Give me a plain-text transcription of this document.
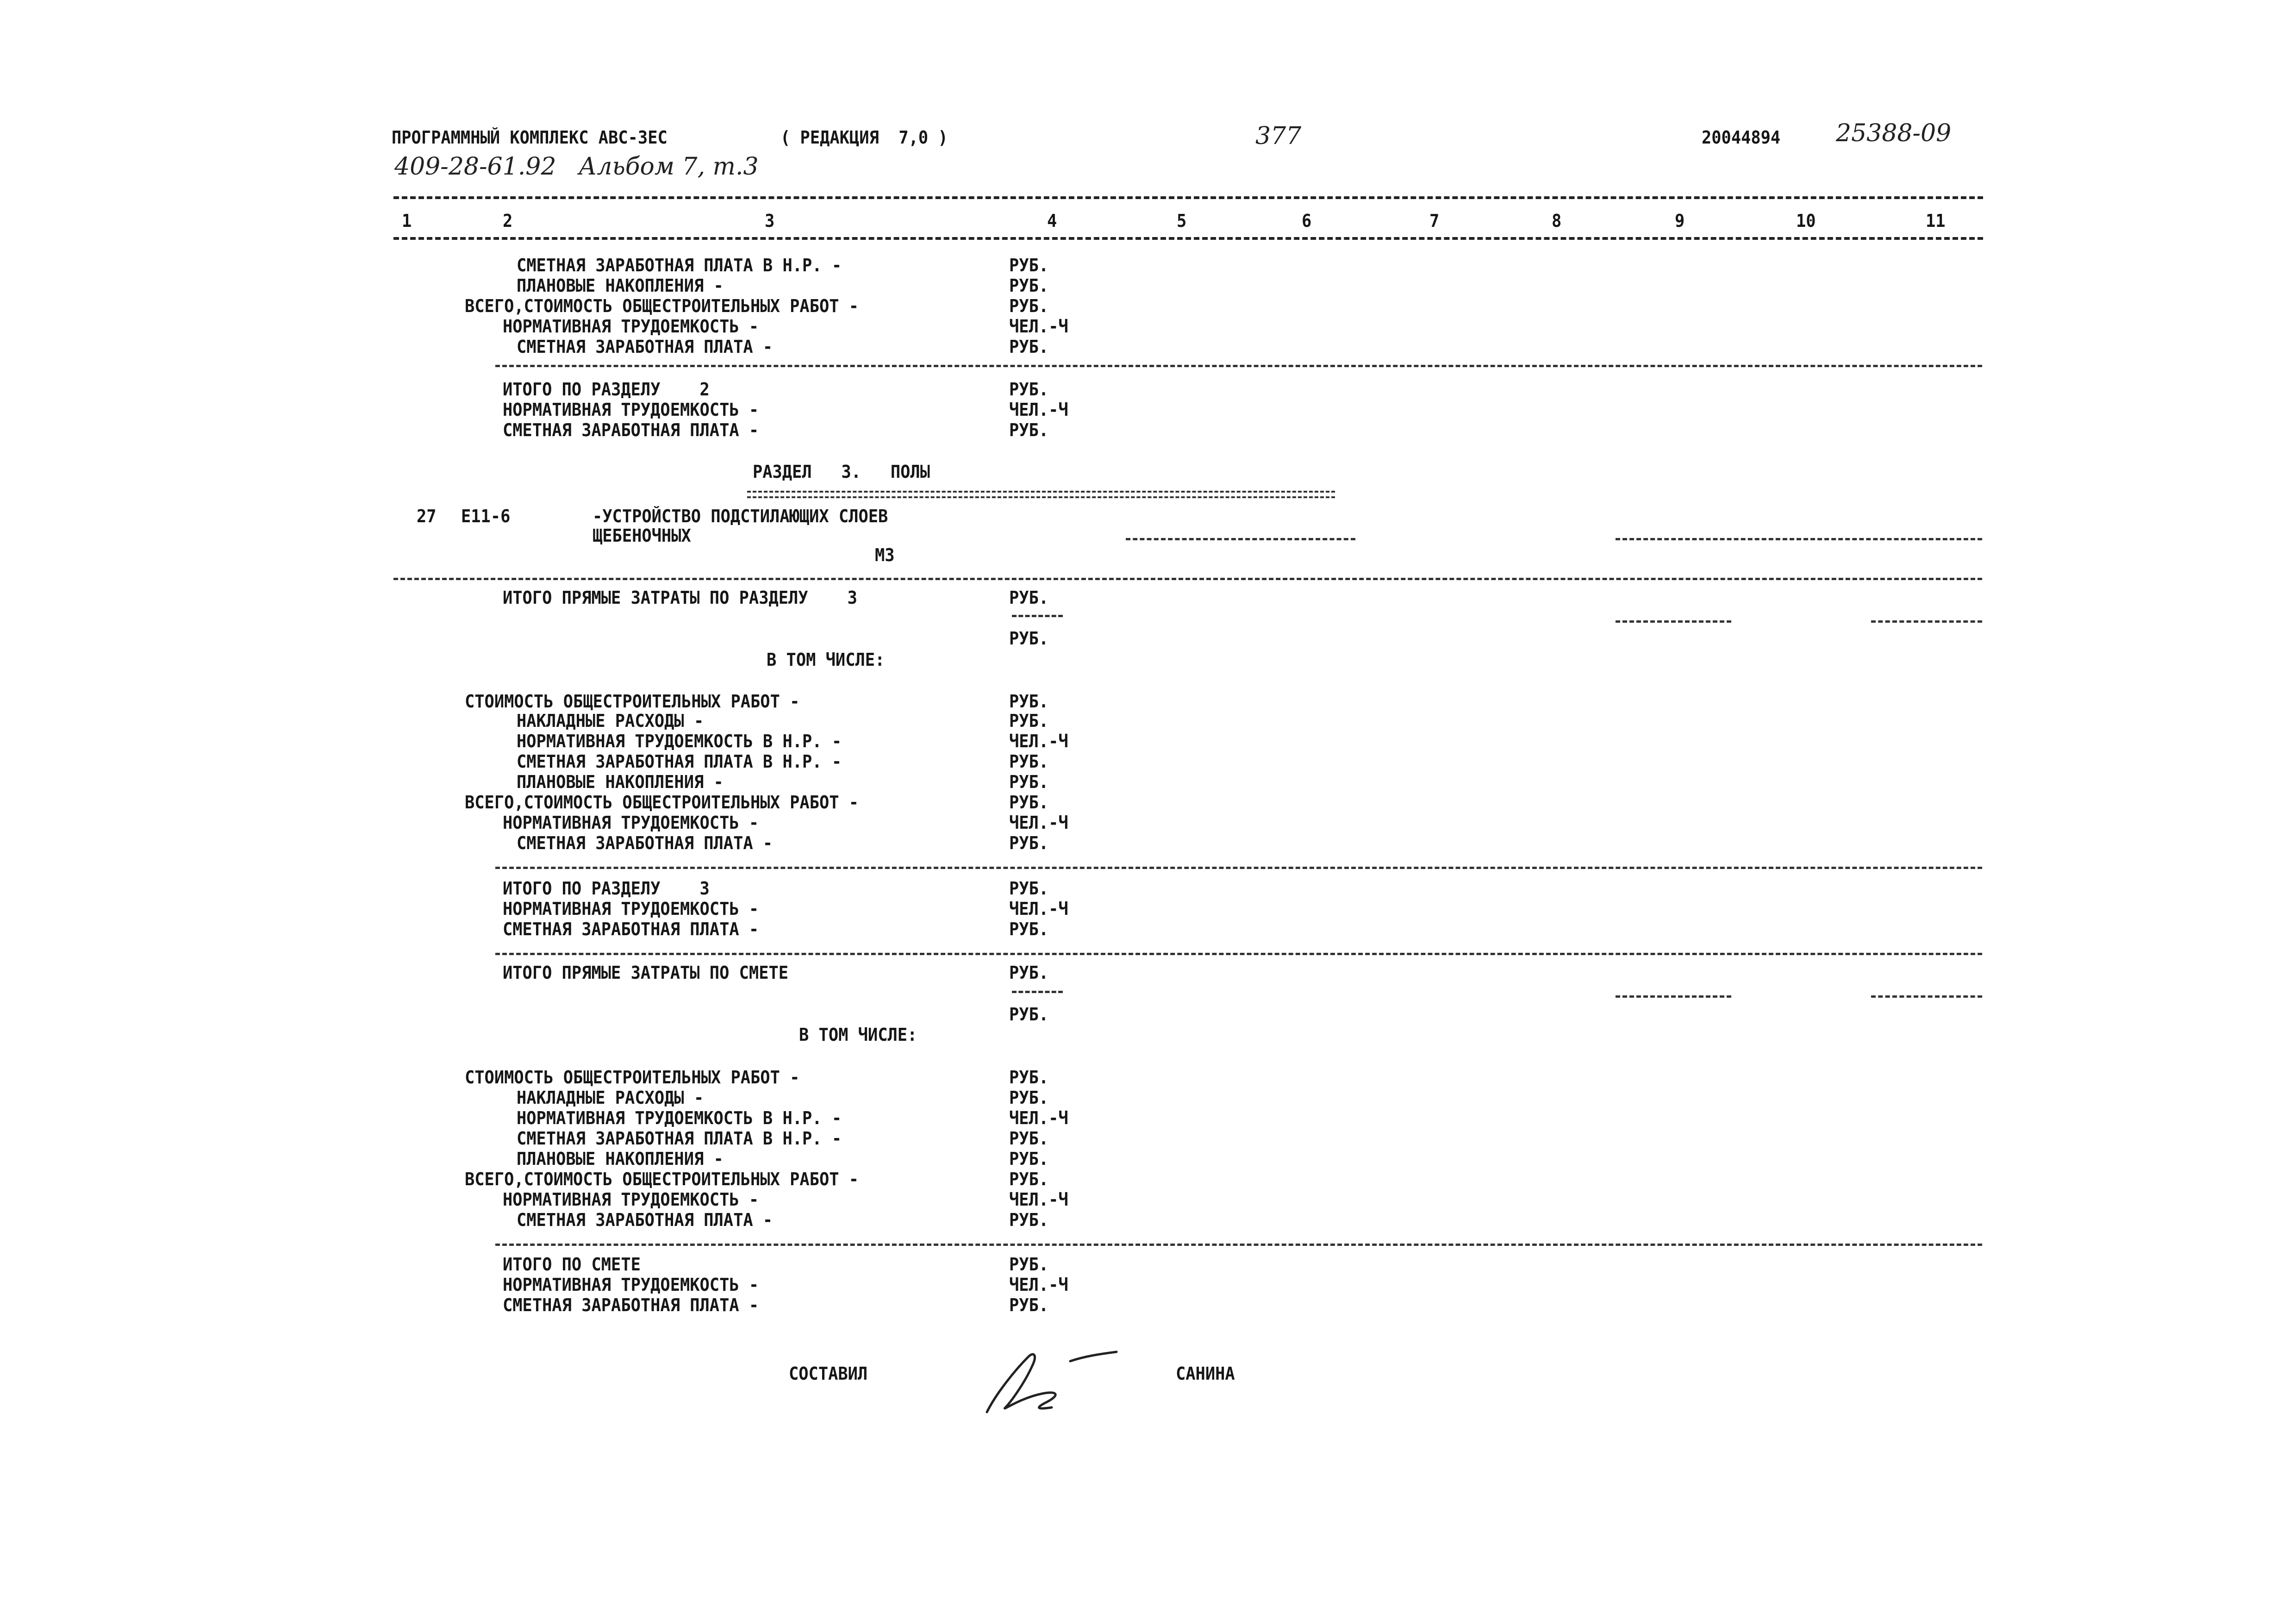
ПРОГРАММНЫЙ КОМПЛЕКС АВС-3ЕС	( РЕДАКЦИЯ  7,0 )	377	20044894 25388-09
409-28-61.92 Альбом 7, т.3
1	2	3	4	5	6	7	8	9	10	11
СМЕТНАЯ ЗАРАБОТНАЯ ПЛАТА В Н.Р. -	РУБ.
ПЛАНОВЫЕ НАКОПЛЕНИЯ -	РУБ.
ВСЕГО,СТОИМОСТЬ ОБЩЕСТРОИТЕЛЬНЫХ РАБОТ -	РУБ.
НОРМАТИВНАЯ ТРУДОЕМКОСТЬ -	ЧЕЛ.-Ч
СМЕТНАЯ ЗАРАБОТНАЯ ПЛАТА -	РУБ.
ИТОГО ПО РАЗДЕЛУ    2	РУБ.
НОРМАТИВНАЯ ТРУДОЕМКОСТЬ -	ЧЕЛ.-Ч
СМЕТНАЯ ЗАРАБОТНАЯ ПЛАТА -	РУБ.
РАЗДЕЛ   3.   ПОЛЫ
27 Е11-6	-УСТРОЙСТВО ПОДСТИЛАЮЩИХ СЛОЕВ
ЩЕБЕНОЧНЫХ
М3
ИТОГО ПРЯМЫЕ ЗАТРАТЫ ПО РАЗДЕЛУ    3	РУБ.
РУБ.
В ТОМ ЧИСЛЕ:
СТОИМОСТЬ ОБЩЕСТРОИТЕЛЬНЫХ РАБОТ -	РУБ.
НАКЛАДНЫЕ РАСХОДЫ -	РУБ.
НОРМАТИВНАЯ ТРУДОЕМКОСТЬ В Н.Р. -	ЧЕЛ.-Ч
СМЕТНАЯ ЗАРАБОТНАЯ ПЛАТА В Н.Р. -	РУБ.
ПЛАНОВЫЕ НАКОПЛЕНИЯ -	РУБ.
ВСЕГО,СТОИМОСТЬ ОБЩЕСТРОИТЕЛЬНЫХ РАБОТ -	РУБ.
НОРМАТИВНАЯ ТРУДОЕМКОСТЬ -	ЧЕЛ.-Ч
СМЕТНАЯ ЗАРАБОТНАЯ ПЛАТА -	РУБ.
ИТОГО ПО РАЗДЕЛУ    3	РУБ.
НОРМАТИВНАЯ ТРУДОЕМКОСТЬ -	ЧЕЛ.-Ч
СМЕТНАЯ ЗАРАБОТНАЯ ПЛАТА -	РУБ.
ИТОГО ПРЯМЫЕ ЗАТРАТЫ ПО СМЕТЕ	РУБ.
РУБ.
В ТОМ ЧИСЛЕ:
СТОИМОСТЬ ОБЩЕСТРОИТЕЛЬНЫХ РАБОТ -	РУБ.
НАКЛАДНЫЕ РАСХОДЫ -	РУБ.
НОРМАТИВНАЯ ТРУДОЕМКОСТЬ В Н.Р. -	ЧЕЛ.-Ч
СМЕТНАЯ ЗАРАБОТНАЯ ПЛАТА В Н.Р. -	РУБ.
ПЛАНОВЫЕ НАКОПЛЕНИЯ -	РУБ.
ВСЕГО,СТОИМОСТЬ ОБЩЕСТРОИТЕЛЬНЫХ РАБОТ -	РУБ.
НОРМАТИВНАЯ ТРУДОЕМКОСТЬ -	ЧЕЛ.-Ч
СМЕТНАЯ ЗАРАБОТНАЯ ПЛАТА -	РУБ.
ИТОГО ПО СМЕТЕ	РУБ.
НОРМАТИВНАЯ ТРУДОЕМКОСТЬ -	ЧЕЛ.-Ч
СМЕТНАЯ ЗАРАБОТНАЯ ПЛАТА -	РУБ.
СОСТАВИЛ	САНИНА
